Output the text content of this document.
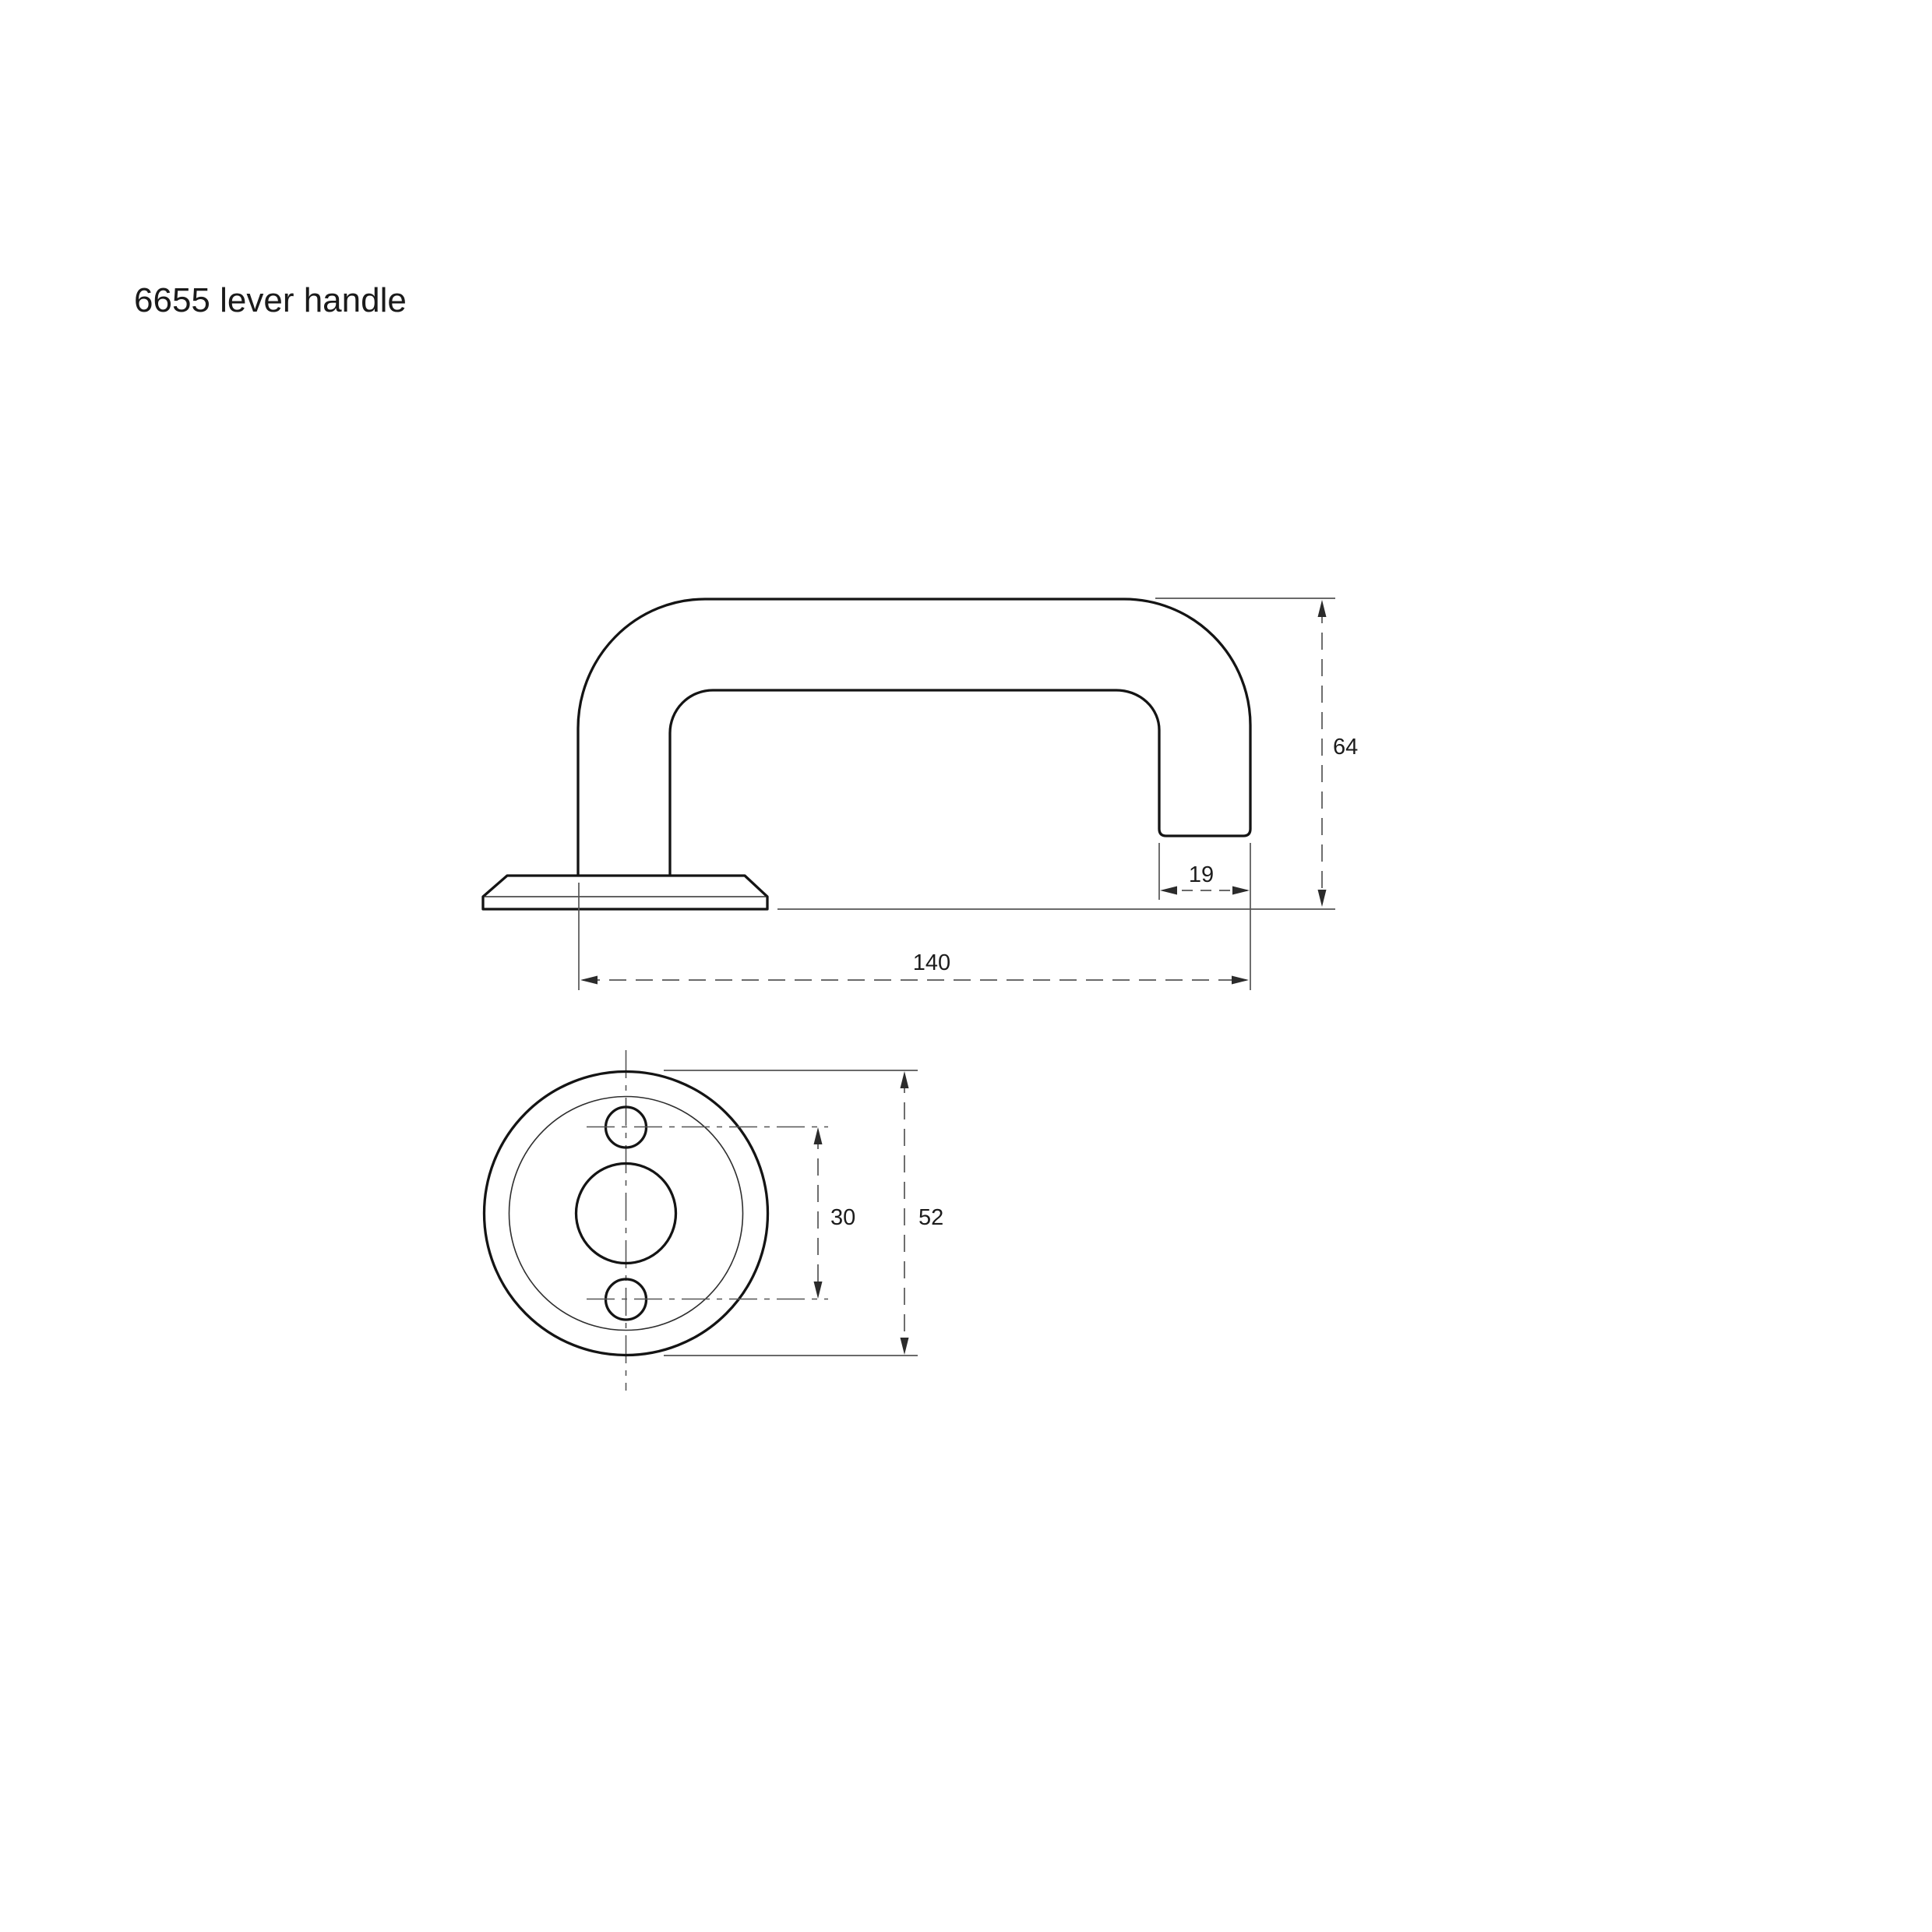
6655 lever handle
64
19
140
30	52
